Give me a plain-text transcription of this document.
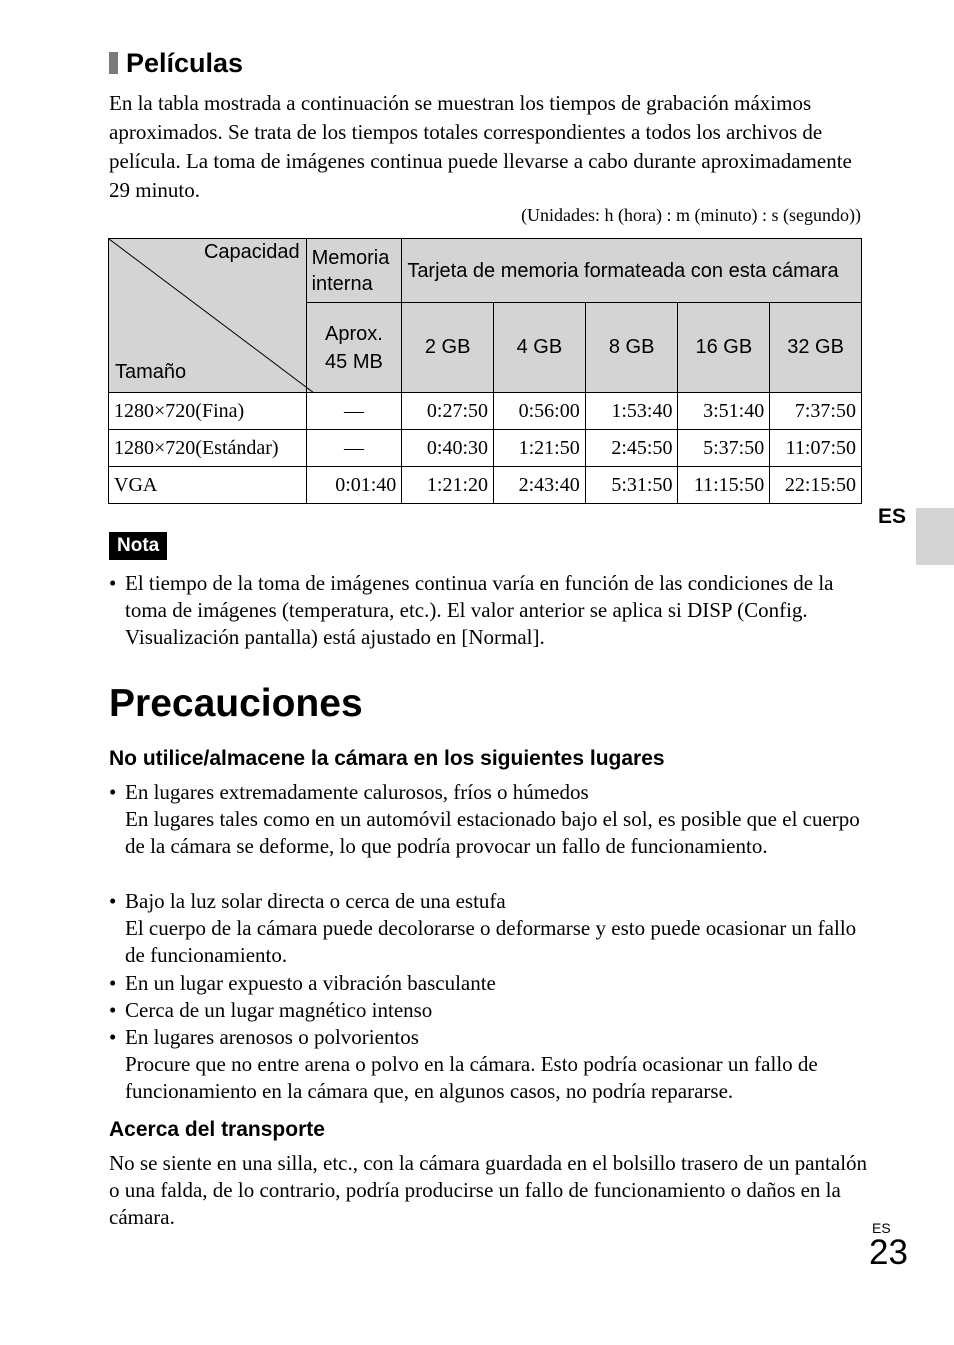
Películas
En la tabla mostrada a continuación se muestran los tiempos de grabación máximos aproximados. Se trata de los tiempos totales correspondientes a todos los archivos de película. La toma de imágenes continua puede llevarse a cabo durante aproximadamente 29 minuto.
(Unidades: h (hora) : m (minuto) : s (segundo))
Capacidad
Tamaño	Memoria interna	Tarjeta de memoria formateada con esta cámara				
	Aprox. 45 MB	2 GB	4 GB	8 GB	16 GB	32 GB
1280×720(Fina)	—	0:27:50	0:56:00	1:53:40	3:51:40	7:37:50
1280×720(Estándar)	—	0:40:30	1:21:50	2:45:50	5:37:50	11:07:50
VGA	0:01:40	1:21:20	2:43:40	5:31:50	11:15:50	22:15:50
ES
Nota
• El tiempo de la toma de imágenes continua varía en función de las condiciones de la toma de imágenes (temperatura, etc.). El valor anterior se aplica si DISP (Config. Visualización pantalla) está ajustado en [Normal].
Precauciones
No utilice/almacene la cámara en los siguientes lugares
• En lugares extremadamente calurosos, fríos o húmedos
En lugares tales como en un automóvil estacionado bajo el sol, es posible que el cuerpo de la cámara se deforme, lo que podría provocar un fallo de funcionamiento.
• Bajo la luz solar directa o cerca de una estufa
El cuerpo de la cámara puede decolorarse o deformarse y esto puede ocasionar un fallo de funcionamiento.
• En un lugar expuesto a vibración basculante
• Cerca de un lugar magnético intenso
• En lugares arenosos o polvorientos
Procure que no entre arena o polvo en la cámara. Esto podría ocasionar un fallo de funcionamiento en la cámara que, en algunos casos, no podría repararse.
Acerca del transporte
No se siente en una silla, etc., con la cámara guardada en el bolsillo trasero de un pantalón o una falda, de lo contrario, podría producirse un fallo de funcionamiento o daños en la cámara.	ES
23
